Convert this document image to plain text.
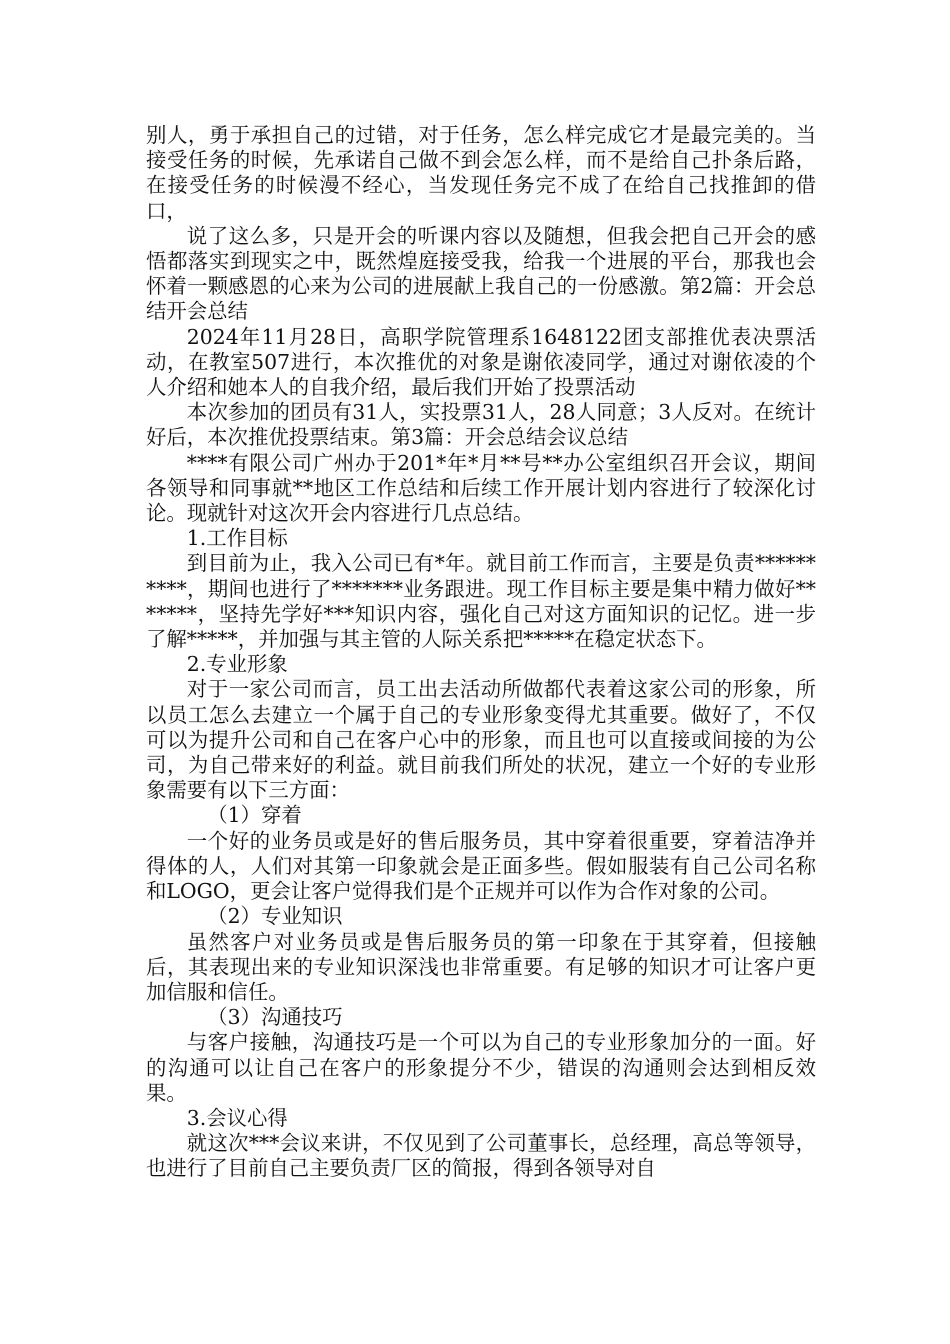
别人，勇于承担自己的过错，对于任务，怎么样完成它才是最完美的。当接受任务的时候，先承诺自己做不到会怎么样，而不是给自己扑条后路，在接受任务的时候漫不经心，当发现任务完不成了在给自己找推卸的借口，

说了这么多，只是开会的听课内容以及随想，但我会把自己开会的感悟都落实到现实之中，既然煌庭接受我，给我一个进展的平台，那我也会怀着一颗感恩的心来为公司的进展献上我自己的一份感激。第2篇：开会总结开会总结

2024年11月28日，高职学院管理系1648122团支部推优表决票活动，在教室507进行，本次推优的对象是谢依凌同学，通过对谢依凌的个人介绍和她本人的自我介绍，最后我们开始了投票活动

本次参加的团员有31人，实投票31人，28人同意；3人反对。在统计好后，本次推优投票结束。第3篇：开会总结会议总结

****有限公司广州办于201*年*月**号**办公室组织召开会议，期间各领导和同事就**地区工作总结和后续工作开展计划内容进行了较深化讨论。现就针对这次开会内容进行几点总结。

1.工作目标

到目前为止，我入公司已有*年。就目前工作而言，主要是负责**********，期间也进行了*******业务跟进。现工作目标主要是集中精力做好*******，坚持先学好***知识内容，强化自己对这方面知识的记忆。进一步了解*****，并加强与其主管的人际关系把*****在稳定状态下。

2.专业形象

对于一家公司而言，员工出去活动所做都代表着这家公司的形象，所以员工怎么去建立一个属于自己的专业形象变得尤其重要。做好了，不仅可以为提升公司和自己在客户心中的形象，而且也可以直接或间接的为公司，为自己带来好的利益。就目前我们所处的状况，建立一个好的专业形象需要有以下三方面：

（1）穿着

一个好的业务员或是好的售后服务员，其中穿着很重要，穿着洁净并得体的人，人们对其第一印象就会是正面多些。假如服装有自己公司名称和LOGO，更会让客户觉得我们是个正规并可以作为合作对象的公司。

（2）专业知识

虽然客户对业务员或是售后服务员的第一印象在于其穿着，但接触后，其表现出来的专业知识深浅也非常重要。有足够的知识才可让客户更加信服和信任。

（3）沟通技巧

与客户接触，沟通技巧是一个可以为自己的专业形象加分的一面。好的沟通可以让自己在客户的形象提分不少，错误的沟通则会达到相反效果。

3.会议心得

就这次***会议来讲，不仅见到了公司董事长，总经理，高总等领导，也进行了目前自己主要负责厂区的简报，得到各领导对自
